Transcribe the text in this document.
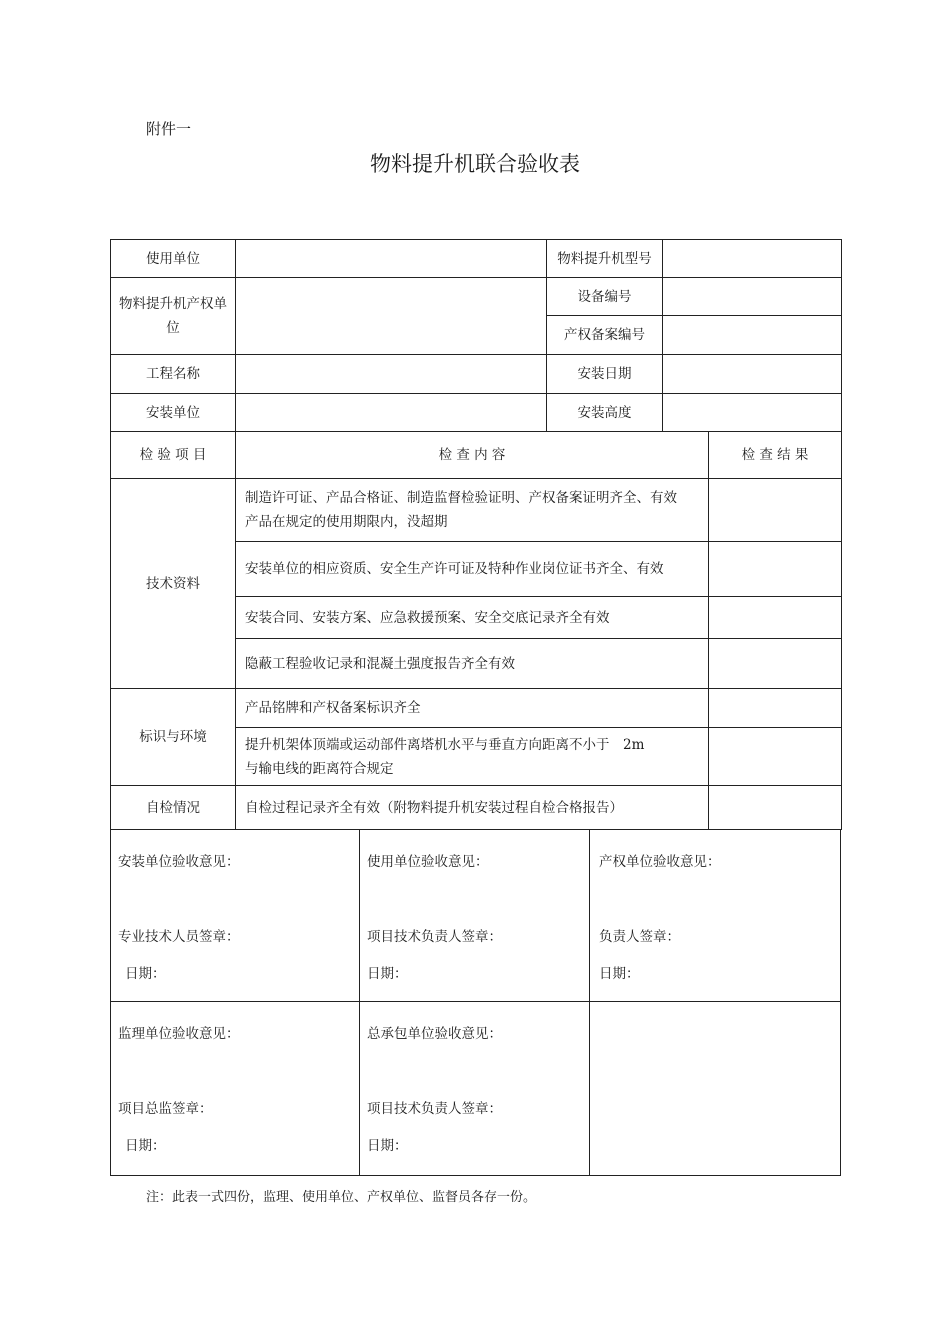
附件一
物料提升机联合验收表
使用单位		物料提升机型号		
物料提升机产权单位		设备编号		
		产权备案编号		
工程名称		安装日期		
安装单位		安装高度		
检 验 项 目	检 查 内 容			检 查 结 果
技术资料	制造许可证、产品合格证、制造监督检验证明、产权备案证明齐全、有效
产品在规定的使用期限内，没超期			

	安装单位的相应资质、安全生产许可证及特种作业岗位证书齐全、有效			
	安装合同、安装方案、应急救援预案、安全交底记录齐全有效			
	隐蔽工程验收记录和混凝土强度报告齐全有效			
标识与环境	产品铭牌和产权备案标识齐全			

	提升机架体顶端或运动部件离塔机水平与垂直方向距离不小于　2m
与输电线的距离符合规定			

自检情况	自检过程记录齐全有效（附物料提升机安装过程自检合格报告）			
安装单位验收意见：
专业技术人员签章：
日期：
使用单位验收意见：
项目技术负责人签章：
日期：
产权单位验收意见：
负责人签章：
日期：
监理单位验收意见：
项目总监签章：
日期：
总承包单位验收意见：
项目技术负责人签章：
日期：
注：此表一式四份，监理、使用单位、产权单位、监督员各存一份。
